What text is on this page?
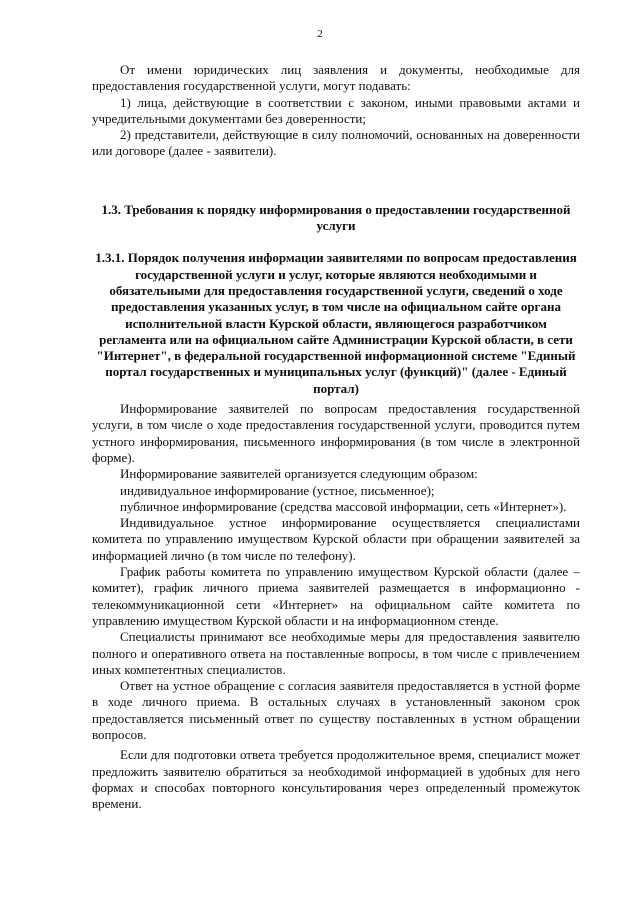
2

От имени юридических лиц заявления и документы, необходимые для предоставления государственной услуги, могут подавать:

1) лица, действующие в соответствии с законом, иными правовыми актами и учредительными документами без доверенности;

2) представители, действующие в силу полномочий, основанных на доверенности или договоре (далее - заявители).

1.3. Требования к порядку информирования о предоставлении государственной услуги

1.3.1. Порядок получения информации заявителями по вопросам предоставления государственной услуги и услуг, которые являются необходимыми и обязательными для предоставления государственной услуги, сведений о ходе предоставления указанных услуг, в том числе на официальном сайте органа исполнительной власти Курской области, являющегося разработчиком регламента или на официальном сайте Администрации Курской области, в сети "Интернет", в федеральной государственной информационной системе "Единый портал государственных и муниципальных услуг (функций)" (далее - Единый портал)

Информирование заявителей по вопросам предоставления государственной услуги, в том числе о ходе предоставления государственной услуги, проводится путем устного информирования, письменного информирования (в том числе в электронной форме).

Информирование заявителей организуется следующим образом:

индивидуальное информирование (устное, письменное);

публичное информирование (средства массовой информации, сеть «Интернет»).

Индивидуальное устное информирование осуществляется специалистами комитета по управлению имуществом Курской области при обращении заявителей за информацией лично (в том числе по телефону).

График работы комитета по управлению имуществом Курской области (далее – комитет), график личного приема заявителей размещается в информационно - телекоммуникационной сети «Интернет» на официальном сайте комитета по управлению имуществом Курской области и на информационном стенде.

Специалисты принимают все необходимые меры для предоставления заявителю полного и оперативного ответа на поставленные вопросы, в том числе с привлечением иных компетентных специалистов.

Ответ на устное обращение с согласия заявителя предоставляется в устной форме в ходе личного приема. В остальных случаях в установленный законом срок предоставляется письменный ответ по существу поставленных в устном обращении вопросов.

Если для подготовки ответа требуется продолжительное время, специалист может предложить заявителю обратиться за необходимой информацией в удобных для него формах и способах повторного консультирования через определенный промежуток времени.
